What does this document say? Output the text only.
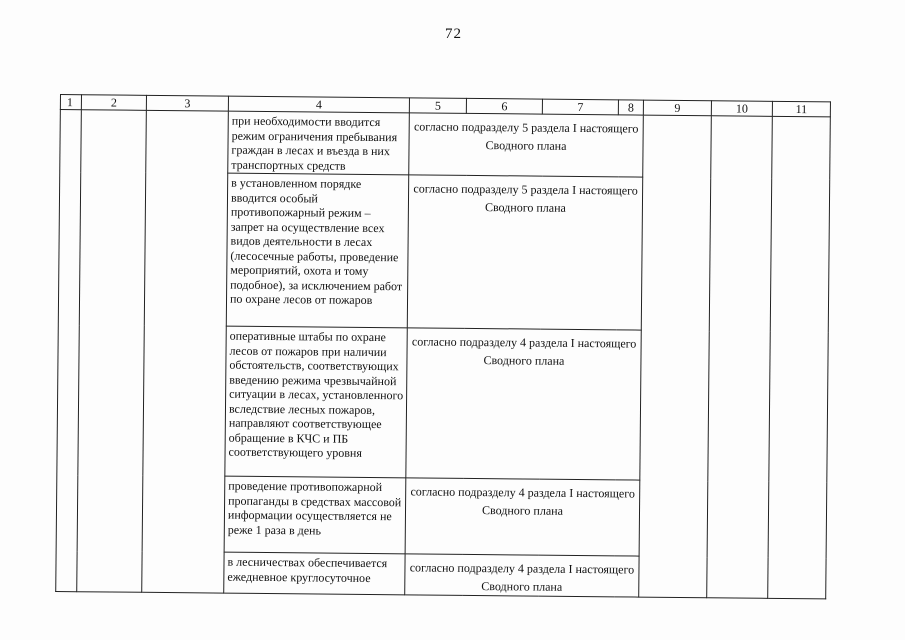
72
1	2	3	4	5	6	7	8	9	10	11

			при необходимости вводится режим ограничения пребывания граждан в лесах и въезда в них транспортных средств	согласно подразделу 5 раздела I настоящего Сводного плана						

			в установленном порядке вводится особый противопожарный режим – запрет на осуществление всех видов деятельности в лесах (лесосечные работы, проведение мероприятий, охота и тому подобное), за исключением работ по охране лесов от пожаров	согласно подразделу 5 раздела I настоящего Сводного плана						

			оперативные штабы по охране лесов от пожаров при наличии обстоятельств, соответствующих введению режима чрезвычайной ситуации в лесах, установленного вследствие лесных пожаров, направляют соответствующее обращение в КЧС и ПБ соответствующего уровня	согласно подразделу 4 раздела I настоящего Сводного плана						

			проведение противопожарной пропаганды в средствах массовой информации осуществляется не реже 1 раза в день	согласно подразделу 4 раздела I настоящего Сводного плана						

			в лесничествах обеспечивается ежедневное круглосуточное	согласно подразделу 4 раздела I настоящего Сводного плана						
